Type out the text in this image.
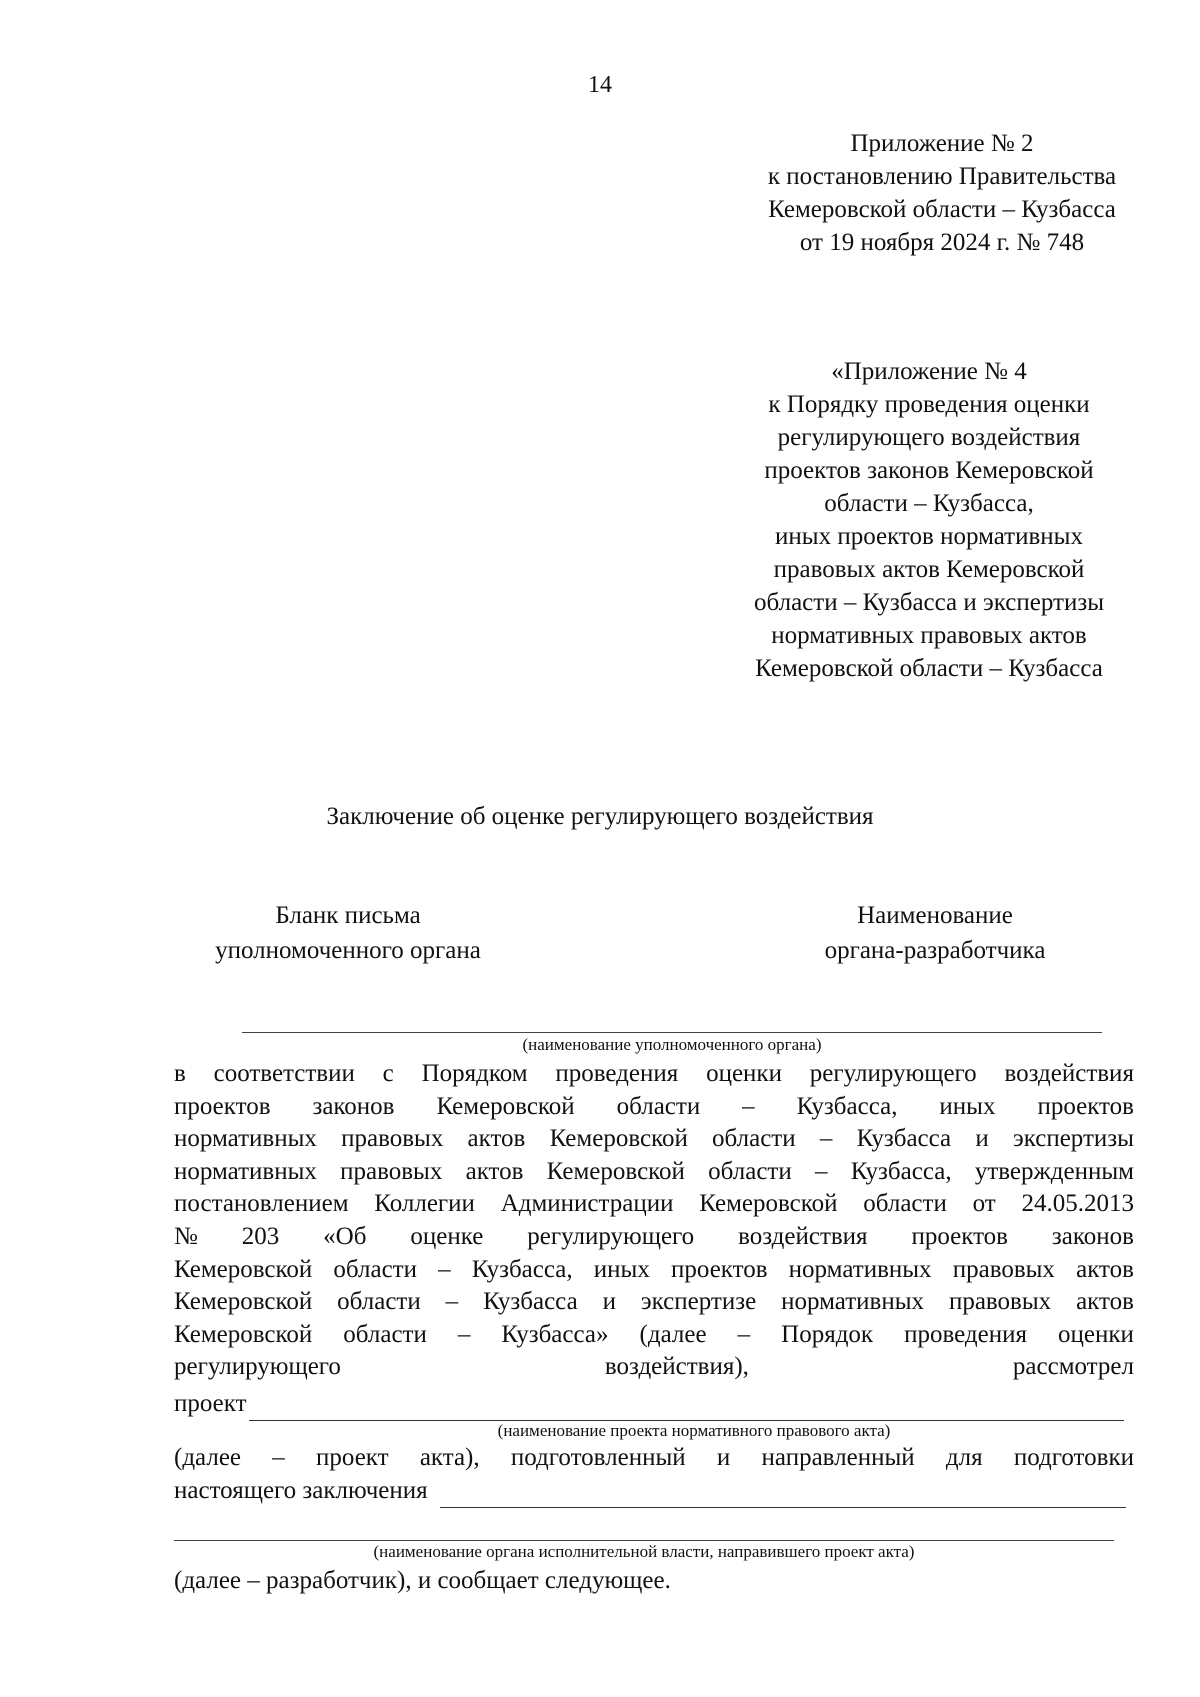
14
Приложение № 2
к постановлению Правительства
Кемеровской области – Кузбасса
от 19 ноября 2024 г. № 748
«Приложение № 4
к Порядку проведения оценки
регулирующего воздействия
проектов законов Кемеровской
области – Кузбасса,
иных проектов нормативных
правовых актов Кемеровской
области – Кузбасса и экспертизы
нормативных правовых актов
Кемеровской области – Кузбасса
Заключение об оценке регулирующего воздействия
Бланк письма
уполномоченного органа
Наименование
органа-разработчика
(наименование уполномоченного органа)
в соответствии с Порядком проведения оценки регулирующего воздействия
проектов законов Кемеровской области – Кузбасса, иных проектов
нормативных правовых актов Кемеровской области – Кузбасса и экспертизы
нормативных правовых актов Кемеровской области – Кузбасса, утвержденным
постановлением Коллегии Администрации Кемеровской области от 24.05.2013
№ 203 «Об оценке регулирующего воздействия проектов законов
Кемеровской области – Кузбасса, иных проектов нормативных правовых актов
Кемеровской области – Кузбасса и экспертизе нормативных правовых актов
Кемеровской области – Кузбасса» (далее – Порядок проведения оценки
регулирующего	воздействия),	рассмотрел
проект
(наименование проекта нормативного правового акта)
(далее – проект акта), подготовленный и направленный для подготовки
настоящего заключения
(наименование органа исполнительной власти, направившего проект акта)
(далее – разработчик), и сообщает следующее.
